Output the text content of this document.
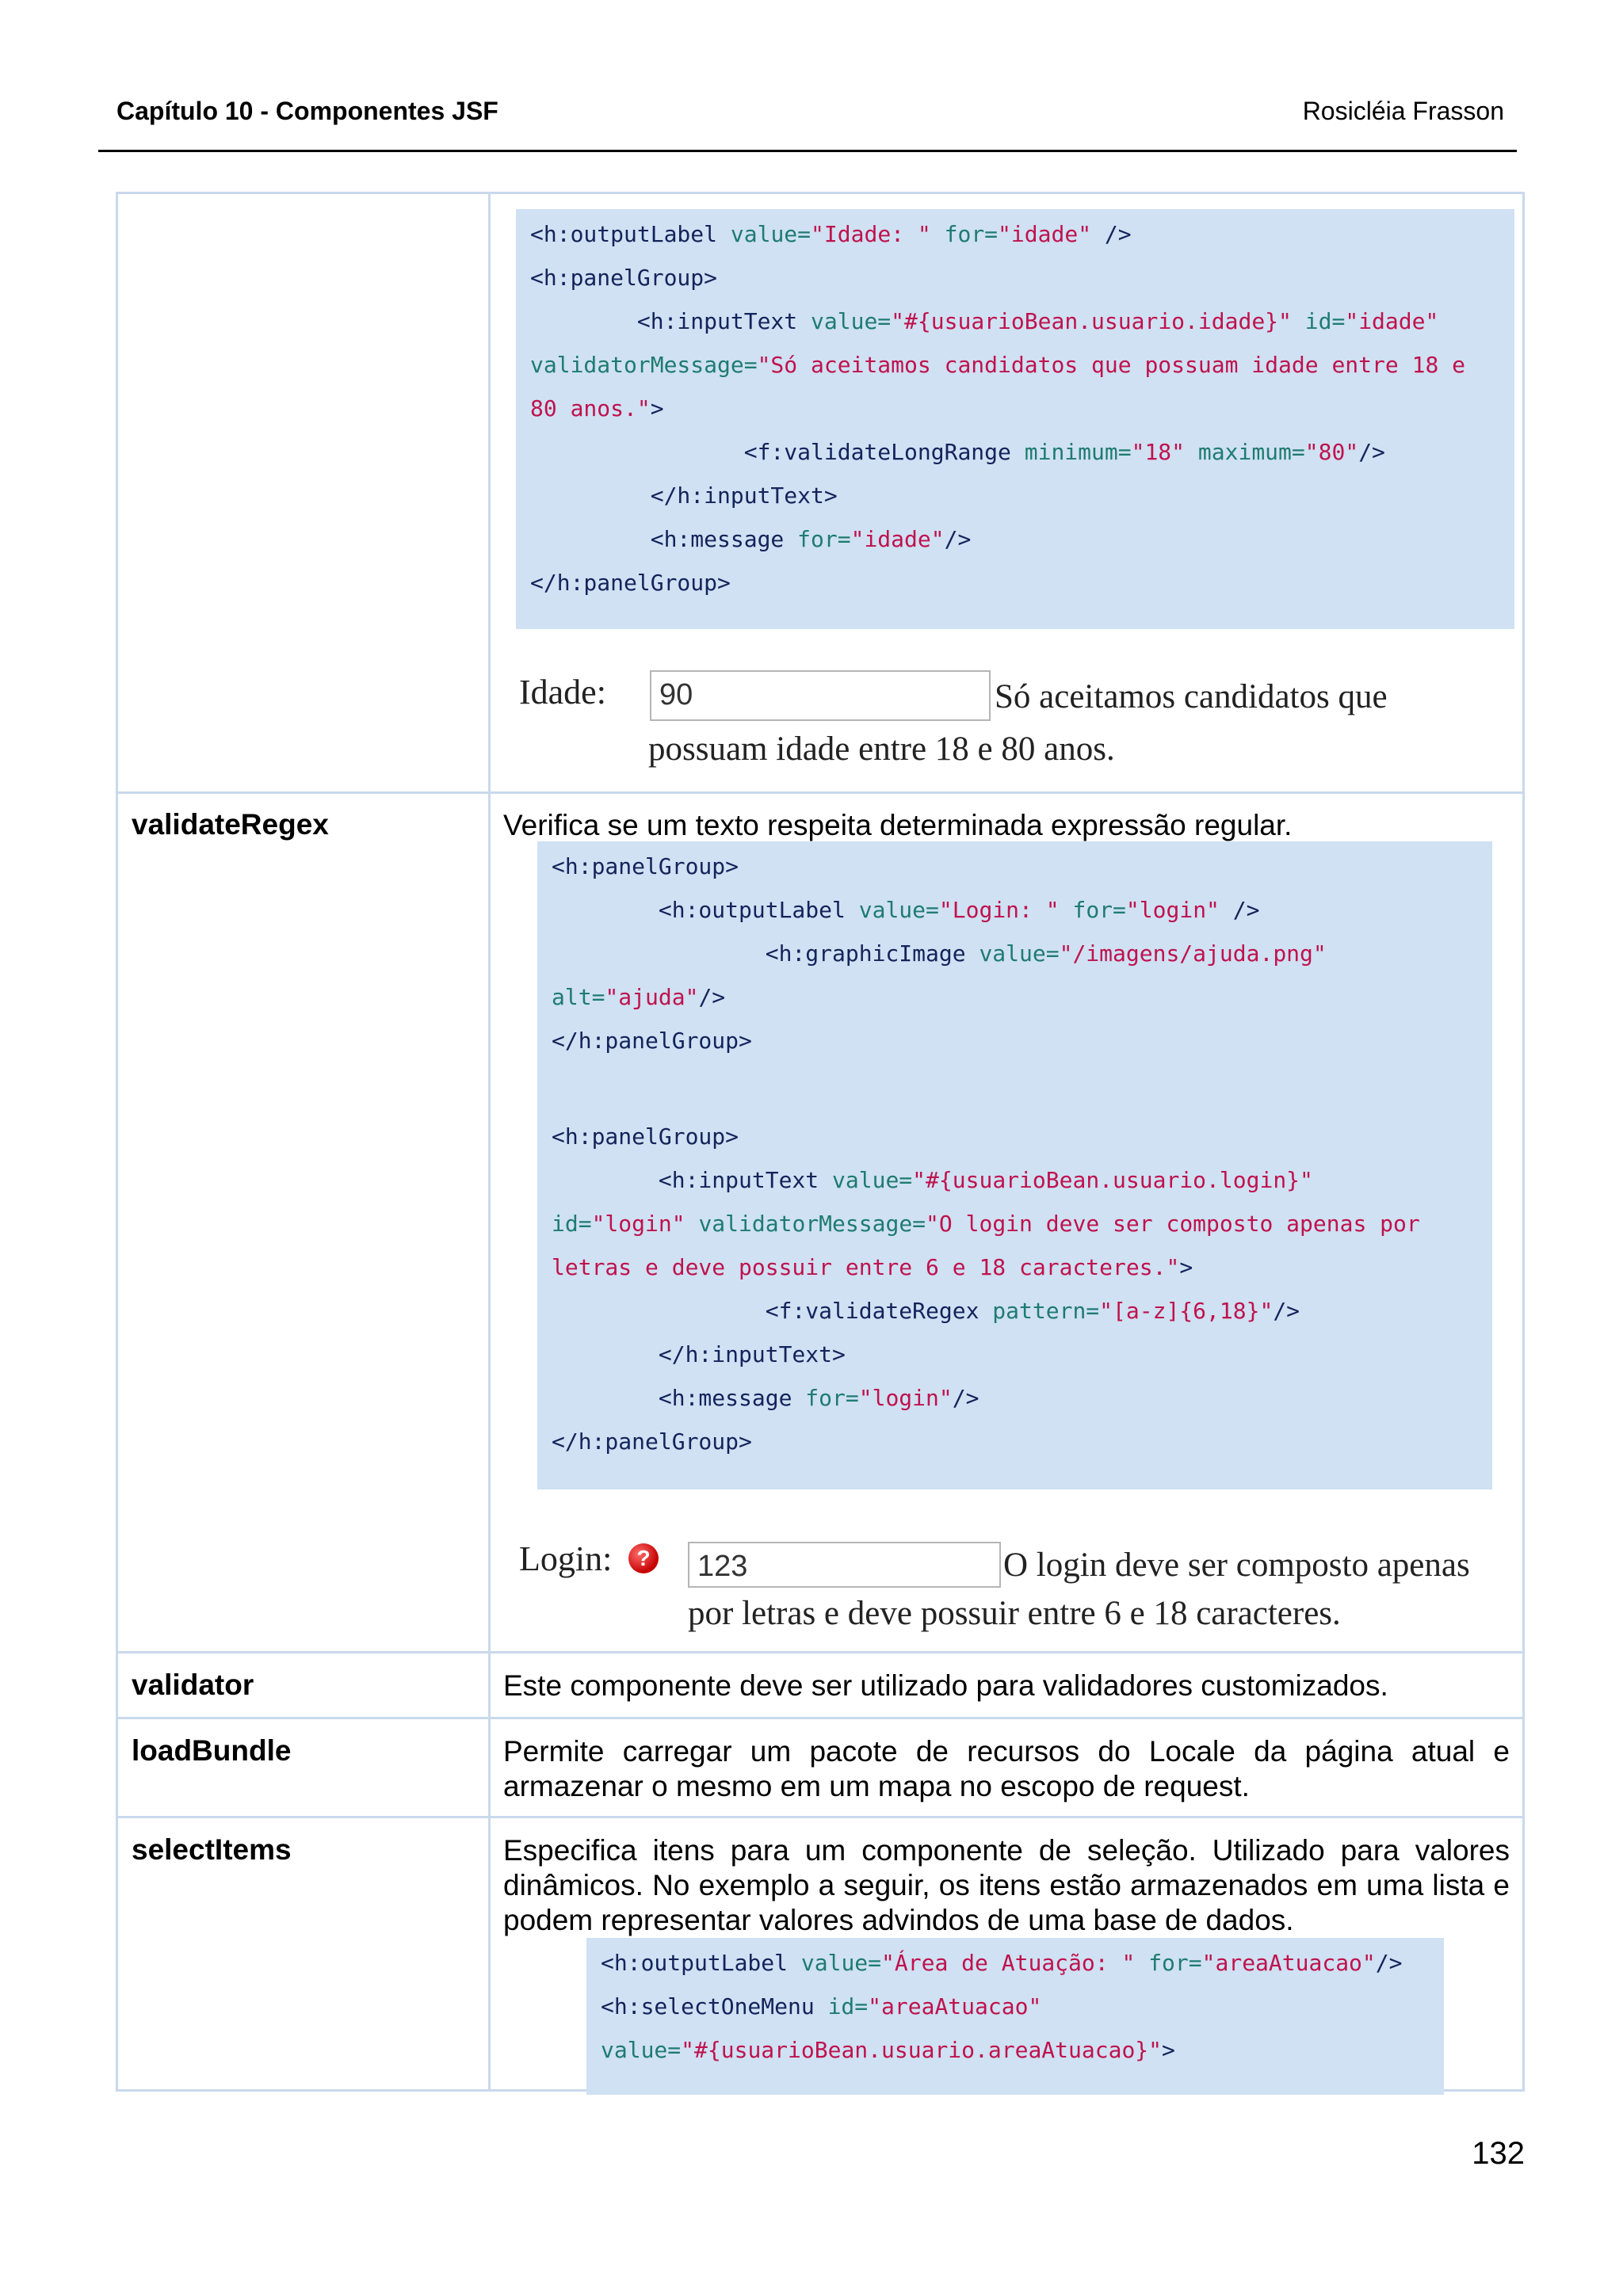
Capítulo 10 - Componentes JSF	Rosicléia Frasson
<h:outputLabel value="Idade: " for="idade" />
<h:panelGroup>
<h:inputText value="#{usuarioBean.usuario.idade}" id="idade"
validatorMessage="Só aceitamos candidatos que possuam idade entre 18 e
80 anos.">
<f:validateLongRange minimum="18" maximum="80"/>
</h:inputText>
<h:message for="idade"/>
</h:panelGroup>
Idade:	90	Só aceitamos candidatos que
possuam idade entre 18 e 80 anos.
validateRegex	Verifica se um texto respeita determinada expressão regular.
<h:panelGroup>
<h:outputLabel value="Login: " for="login" />
<h:graphicImage value="/imagens/ajuda.png"
alt="ajuda"/>
</h:panelGroup>
<h:panelGroup>
<h:inputText value="#{usuarioBean.usuario.login}"
id="login" validatorMessage="O login deve ser composto apenas por
letras e deve possuir entre 6 e 18 caracteres.">
<f:validateRegex pattern="[a-z]{6,18}"/>
</h:inputText>
<h:message for="login"/>
</h:panelGroup>
Login:	?	123	O login deve ser composto apenas
por letras e deve possuir entre 6 e 18 caracteres.
validator	Este componente deve ser utilizado para validadores customizados.
loadBundle	Permite carregar um pacote de recursos do Locale da página atual e armazenar o mesmo em um mapa no escopo de request.
selectItems	Especifica itens para um componente de seleção. Utilizado para valores dinâmicos. No exemplo a seguir, os itens estão armazenados em uma lista e podem representar valores advindos de uma base de dados.
<h:outputLabel value="Área de Atuação: " for="areaAtuacao"/>
<h:selectOneMenu id="areaAtuacao"
value="#{usuarioBean.usuario.areaAtuacao}">
132
